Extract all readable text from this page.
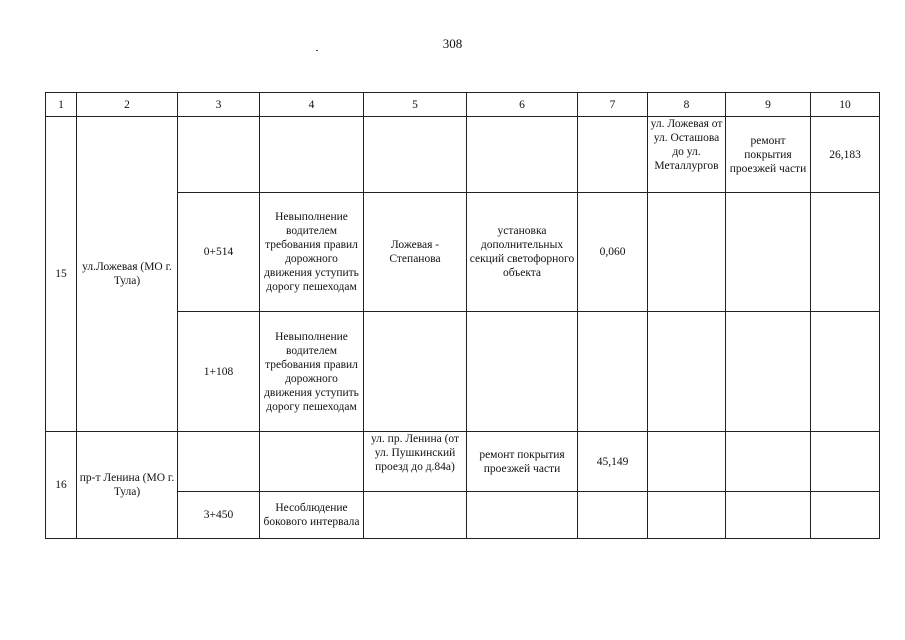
308
1	2	3	4	5	6	7	8	9	10
15	ул.Ложевая (МО г. Тула)						ул. Ложевая от ул. Осташова до ул. Металлургов	ремонт покрытия проезжей части	26,183
		0+514	Невыполнение водителем требования правил дорожного движения уступить дорогу пешеходам	Ложевая - Степанова	установка дополнительных секций светофорного объекта	0,060			
		1+108	Невыполнение водителем требования правил дорожного движения уступить дорогу пешеходам						
16	пр-т Ленина (МО г. Тула)			ул. пр. Ленина (от ул. Пушкинский проезд до д.84а)	ремонт покрытия проезжей части	45,149			
		3+450	Несоблюдение бокового интервала						
